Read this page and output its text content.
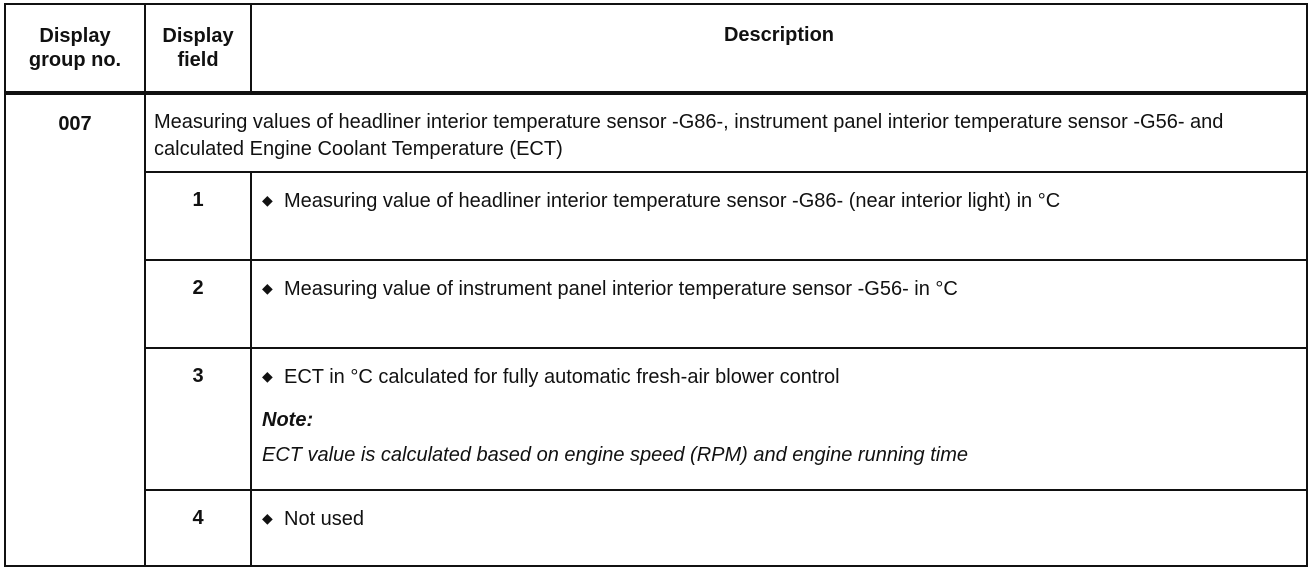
Display group no.	Display field	Description
007	Measuring values of headliner interior temperature sensor -G86-, instrument panel interior temperature sensor -G56- and calculated Engine Coolant Temperature (ECT)	
	1	◆ Measuring value of headliner interior temperature sensor -G86- (near interior light) in °C

	2	◆ Measuring value of instrument panel interior temperature sensor -G56- in °C

	3	◆ ECT in °C calculated for fully automatic fresh-air blower control
Note:
ECT value is calculated based on engine speed (RPM) and engine running time

	4	◆ Not used
